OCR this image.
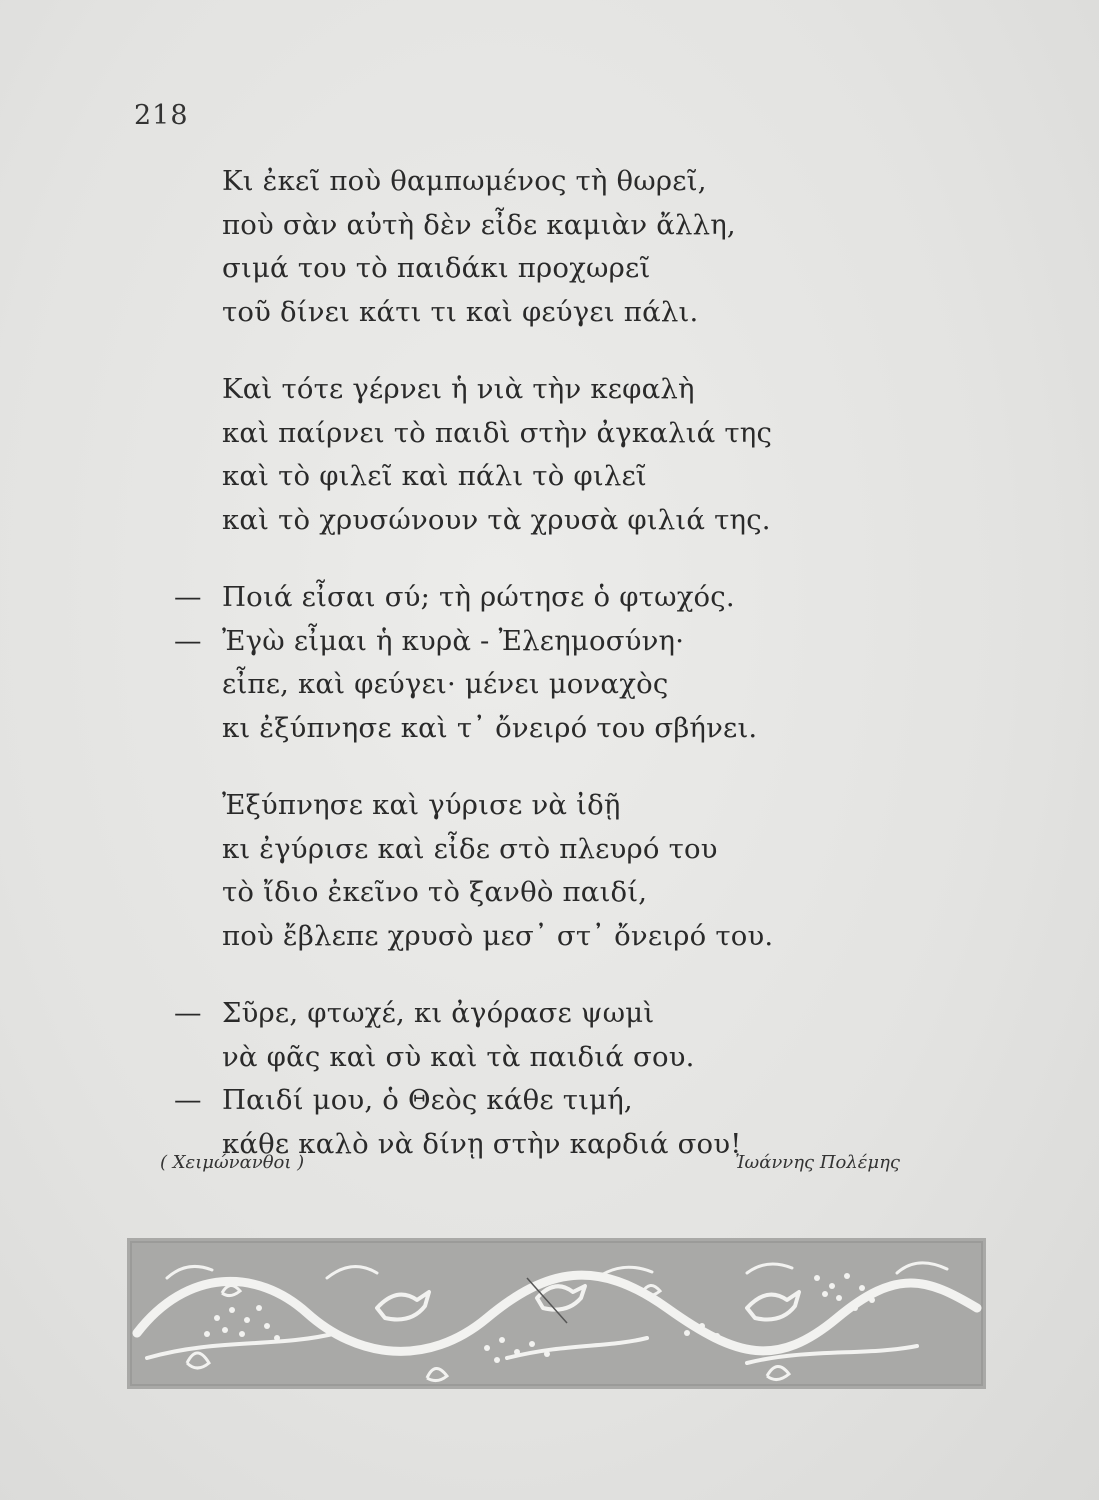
218
Κι ἐκεῖ ποὺ θαμπωμένος τὴ θωρεῖ,
ποὺ σὰν αὐτὴ δὲν εἶδε καμιὰν ἄλλη,
σιμά του τὸ παιδάκι προχωρεῖ
τοῦ δίνει κάτι τι καὶ φεύγει πάλι.
Καὶ τότε γέρνει ἡ νιὰ τὴν κεφαλὴ
καὶ παίρνει τὸ παιδὶ στὴν ἀγκαλιά της
καὶ τὸ φιλεῖ καὶ πάλι τὸ φιλεῖ
καὶ τὸ χρυσώνουν τὰ χρυσὰ φιλιά της.
— Ποιά εἶσαι σύ; τὴ ρώτησε ὁ φτωχός.
— Ἐγὼ εἶμαι ἡ κυρὰ - Ἐλεημοσύνη·
εἶπε, καὶ φεύγει· μένει μοναχὸς
κι ἐξύπνησε καὶ τ᾽ ὄνειρό του σβήνει.
Ἐξύπνησε καὶ γύρισε νὰ ἰδῇ
κι ἐγύρισε καὶ εἶδε στὸ πλευρό του
τὸ ἴδιο ἐκεῖνο τὸ ξανθὸ παιδί,
ποὺ ἔβλεπε χρυσὸ μεσ᾽ στ᾽ ὄνειρό του.
— Σῦρε, φτωχέ, κι ἀγόρασε ψωμὶ
νὰ φᾶς καὶ σὺ καὶ τὰ παιδιά σου.
— Παιδί μου, ὁ Θεὸς κάθε τιμή,
κάθε καλὸ νὰ δίνῃ στὴν καρδιά σου!
( Χειμώνανθοι )	Ἰωάννης Πολέμης
